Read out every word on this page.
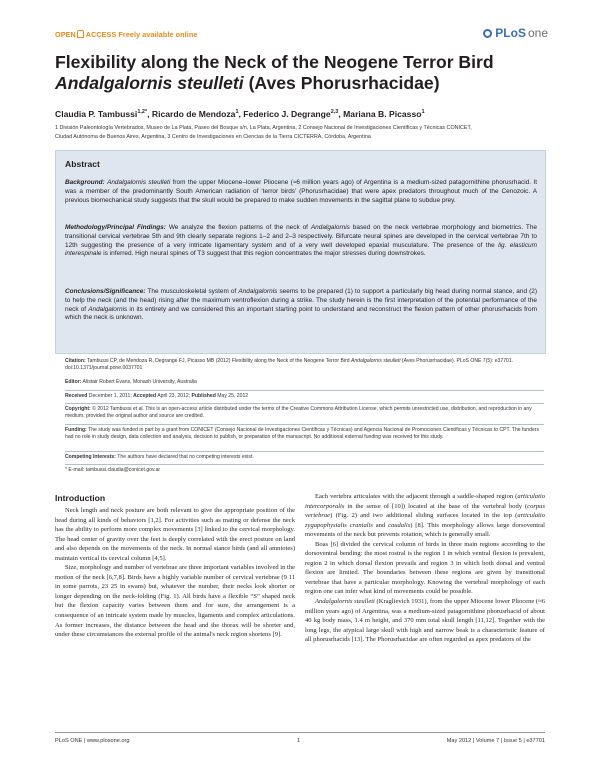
OPEN ACCESS Freely available online	PLoS one
Flexibility along the Neck of the Neogene Terror Bird
Andalgalornis steulleti (Aves Phorusrhacidae)
Claudia P. Tambussi$^{1,2*}$, Ricardo de Mendoza$^1$, Federico J. Degrange$^{2,3}$, Mariana B. Picasso$^1$
1 División Paleontología Vertebrados, Museo de La Plata, Paseo del Bosque s/n, La Plata, Argentina, 2 Consejo Nacional de Investigaciones Científicas y Técnicas CONICET,
Ciudad Autónoma de Buenos Aires, Argentina, 3 Centro de Investigaciones en Ciencias de la Tierra CICTERRA, Córdoba, Argentina
Abstract
Background: Andalgalornis steulleti from the upper Miocene–lower Pliocene (≈6 million years ago) of Argentina is a medium-sized patagornithine phorusrhacid. It was a member of the predominantly South American radiation of ‘terror birds’ (Phorusrhacidae) that were apex predators throughout much of the Cenozoic. A previous biomechanical study suggests that the skull would be prepared to make sudden movements in the sagittal plane to subdue prey.
Methodology/Principal Findings: We analyze the flexion patterns of the neck of Andalgalornis based on the neck vertebrae morphology and biometrics. The transitional cervical vertebrae 5th and 9th clearly separate regions 1–2 and 2–3 respectively. Bifurcate neural spines are developed in the cervical vertebrae 7th to 12th suggesting the presence of a very intricate ligamentary system and of a very well developed epaxial musculature. The presence of the lig. elasticum interespinale is inferred. High neural spines of T3 suggest that this region concentrates the major stresses during downstrokes.
Conclusions/Significance: The musculoskeletal system of Andalgalornis seems to be prepared (1) to support a particularly big head during normal stance, and (2) to help the neck (and the head) rising after the maximum ventroflexion during a strike. The study herein is the first interpretation of the potential performance of the neck of Andalgalornis in its entirety and we considered this an important starting point to understand and reconstruct the flexion pattern of other phorusrhacids from which the neck is unknown.
Citation: Tambussi CP, de Mendoza R, Degrange FJ, Picasso MB (2012) Flexibility along the Neck of the Neogene Terror Bird Andalgalornis steulleti (Aves Phorusrhacidae). PLoS ONE 7(5): e37701. doi:10.1371/journal.pone.0037701
Editor: Alistair Robert Evans, Monash University, Australia
Received December 1, 2011; Accepted April 23, 2012; Published May 25, 2012
Copyright: © 2012 Tambussi et al. This is an open-access article distributed under the terms of the Creative Commons Attribution License, which permits unrestricted use, distribution, and reproduction in any medium, provided the original author and source are credited.
Funding: The study was funded in part by a grant from CONICET (Consejo Nacional de Investigaciones Científicas y Técnicas) and Agencia Nacional de Promociones Científicas y Técnicas to CPT. The funders had no role in study design, data collection and analysis, decision to publish, or preparation of the manuscript. No additional external funding was received for this study.
Competing Interests: The authors have declared that no competing interests exist.
* E-mail: tambussi.claudia@conicet.gov.ar
Introduction

Neck length and neck posture are both relevant to give the appropriate position of the head during all kinds of behaviors [1,2]. For activities such as mating or defense the neck has the ability to perform more complex movements [3] linked to the cervical morphology. The head center of gravity over the feet is deeply correlated with the erect posture on land and also depends on the movements of the neck. In normal stance birds (and all amniotes) maintain vertical its cervical column [4,5].

Size, morphology and number of vertebrae are three important variables involved in the motion of the neck [6,7,8]. Birds have a highly variable number of cervical vertebrae (9 11 in some parrots, 23 25 in swans) but, whatever the number, their necks look shorter or longer depending on the neck-folding (Fig. 1). All birds have a flexible “S” shaped neck but the flexion capacity varies between them and for sure, the arrangement is a consequence of an intricate system made by muscles, ligaments and complex articulations. As former increases, the distance between the head and the thorax will be shorter and, under these circumstances the external profile of the animal's neck region shortens [9].

Each vertebra articulates with the adjacent through a saddle-shaped region (articulatio intercorporalis in the sense of [10]) located at the base of the vertebral body (corpus vertebrae) (Fig. 2) and two additional sliding surfaces located in the top (articulatio zygapophysialis cranialis and caudalis) [8]. This morphology allows large dorsoventral movements of the neck but prevents rotation, which is generally small.

Boas [6] divided the cervical column of birds in three main regions according to the dorsoventral bending: the most rostral is the region 1 in which ventral flexion is prevalent, region 2 in which dorsal flexion prevails and region 3 in which both dorsal and ventral flexion are limited. The boundaries between these regions are given by transitional vertebrae that have a particular morphology. Knowing the vertebral morphology of each region one can infer what kind of movements could be possible.

Andalgalornis steulleti (Kraglievich 1931), from the upper Miocene lower Pliocene (≈6 million years ago) of Argentina, was a medium-sized patagornithine phorusrhacid of about 40 kg body mass, 1.4 m height, and 370 mm total skull length [11,12]. Together with the long legs, the atypical large skull with high and narrow beak is a characteristic feature of all phorusrhacids [13]. The Phorusrhacidae are often regarded as apex predators of the

PLoS ONE | www.plosone.org	1	May 2012 | Volume 7 | Issue 5 | e37701
